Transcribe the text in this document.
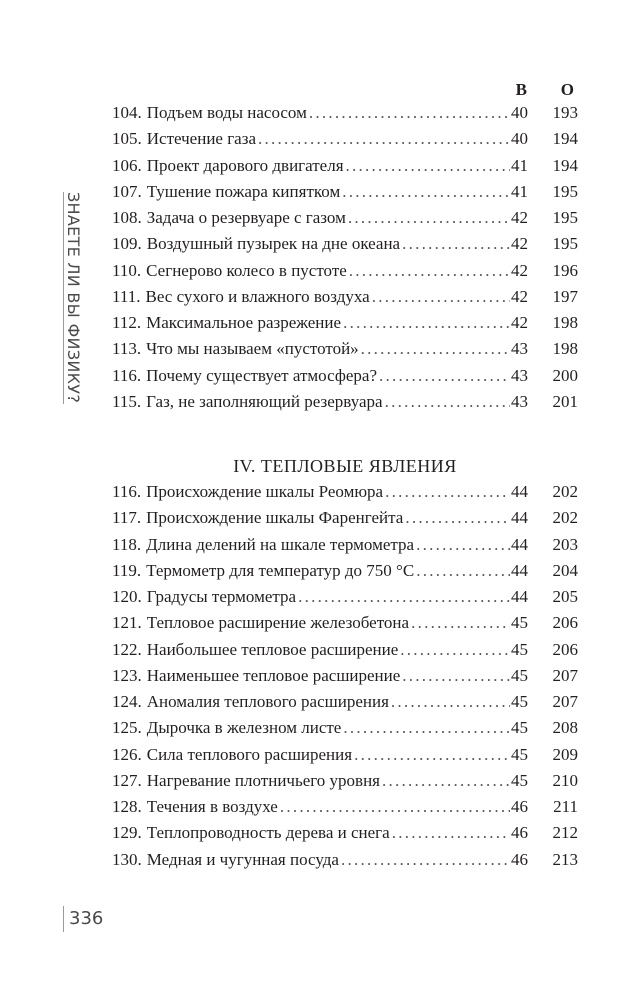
ЗНАЕТЕ ЛИ ВЫ ФИЗИКУ?
В О
104. Подъем воды насосом . . .	40	193
105. Истечение газа . . .	40	194
106. Проект дарового двигателя . . .	41	194
107. Тушение пожара кипятком . . .	41	195
108. Задача о резервуаре с газом . . .	42	195
109. Воздушный пузырек на дне океана . . .	42	195
110. Сегнерово колесо в пустоте . . .	42	196
111. Вес сухого и влажного воздуха . . .	42	197
112. Максимальное разрежение . . .	42	198
113. Что мы называем «пустотой» . . .	43	198
116. Почему существует атмосфера? . . .	43	200
115. Газ, не заполняющий резервуара . . .	43	201
IV. ТЕПЛОВЫЕ ЯВЛЕНИЯ
116. Происхождение шкалы Реомюра . . .	44	202
117. Происхождение шкалы Фаренгейта . . .	44	202
118. Длина делений на шкале термометра . . .	44	203
119. Термометр для температур до 750 °С . . .	44	204
120. Градусы термометра . . .	44	205
121. Тепловое расширение железобетона . . .	45	206
122. Наибольшее тепловое расширение . . .	45	206
123. Наименьшее тепловое расширение . . .	45	207
124. Аномалия теплового расширения . . .	45	207
125. Дырочка в железном листе . . .	45	208
126. Сила теплового расширения . . .	45	209
127. Нагревание плотничьего уровня . . .	45	210
128. Течения в воздухе . . .	46	211
129. Теплопроводность дерева и снега . . .	46	212
130. Медная и чугунная посуда . . .	46	213
336
